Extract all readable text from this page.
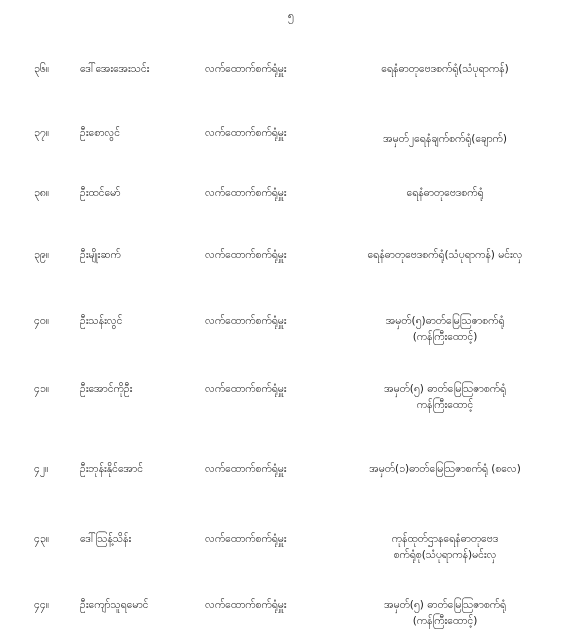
၅
၃၆။	ဒေါ်အေးအေးသင်း	လက်ထောက်စက်ရုံမှူး	ရေနံဓာတုဗေဒစက်ရုံ(သံပုရာကန်)
၃၇။	ဦးစောလွင်	လက်ထောက်စက်ရုံမှူး	အမှတ်၂ရေနံချက်စက်ရုံ(ချောက်)
၃၈။	ဦးထင်မော်	လက်ထောက်စက်ရုံမှူး	ရေနံဓာတုဗေဒစက်ရုံ
၃၉။	ဦးမျိုးဆက်	လက်ထောက်စက်ရုံမှူး	ရေနံဓာတုဗေဒစက်ရုံ(သံပုရာကန်) မင်းလှ
၄၀။	ဦးသန်းလွင်	လက်ထောက်စက်ရုံမှူး	အမှတ်(၅)ဓာတ်မြေသြဇာစက်ရုံ
(ကန်ကြီးထောင့်)
၄၁။	ဦးအောင်ကိုဦး	လက်ထောက်စက်ရုံမှူး	အမှတ်(၅) ဓာတ်မြေသြဇာစက်ရုံ
ကန်ကြီးထောင့်
၄၂။	ဦးဘုန်းနိုင်အောင်	လက်ထောက်စက်ရုံမှူး	အမှတ်(၁)ဓာတ်မြေသြဇာစက်ရုံ (စလေ)
၄၃။	ဒေါ်သြန့်သိန်း	လက်ထောက်စက်ရုံမှူး	ကုန်ထုတ်ဌာနရေနံဓာတုဗေဒ
စက်ရုံစု(သံပုရာကန်)မင်းလှ
၄၄။	ဦးကျော်သူရမောင်	လက်ထောက်စက်ရုံမှူး	အမှတ်(၅) ဓာတ်မြေသြဇာစက်ရုံ
(ကန်ကြီးထောင့်)
